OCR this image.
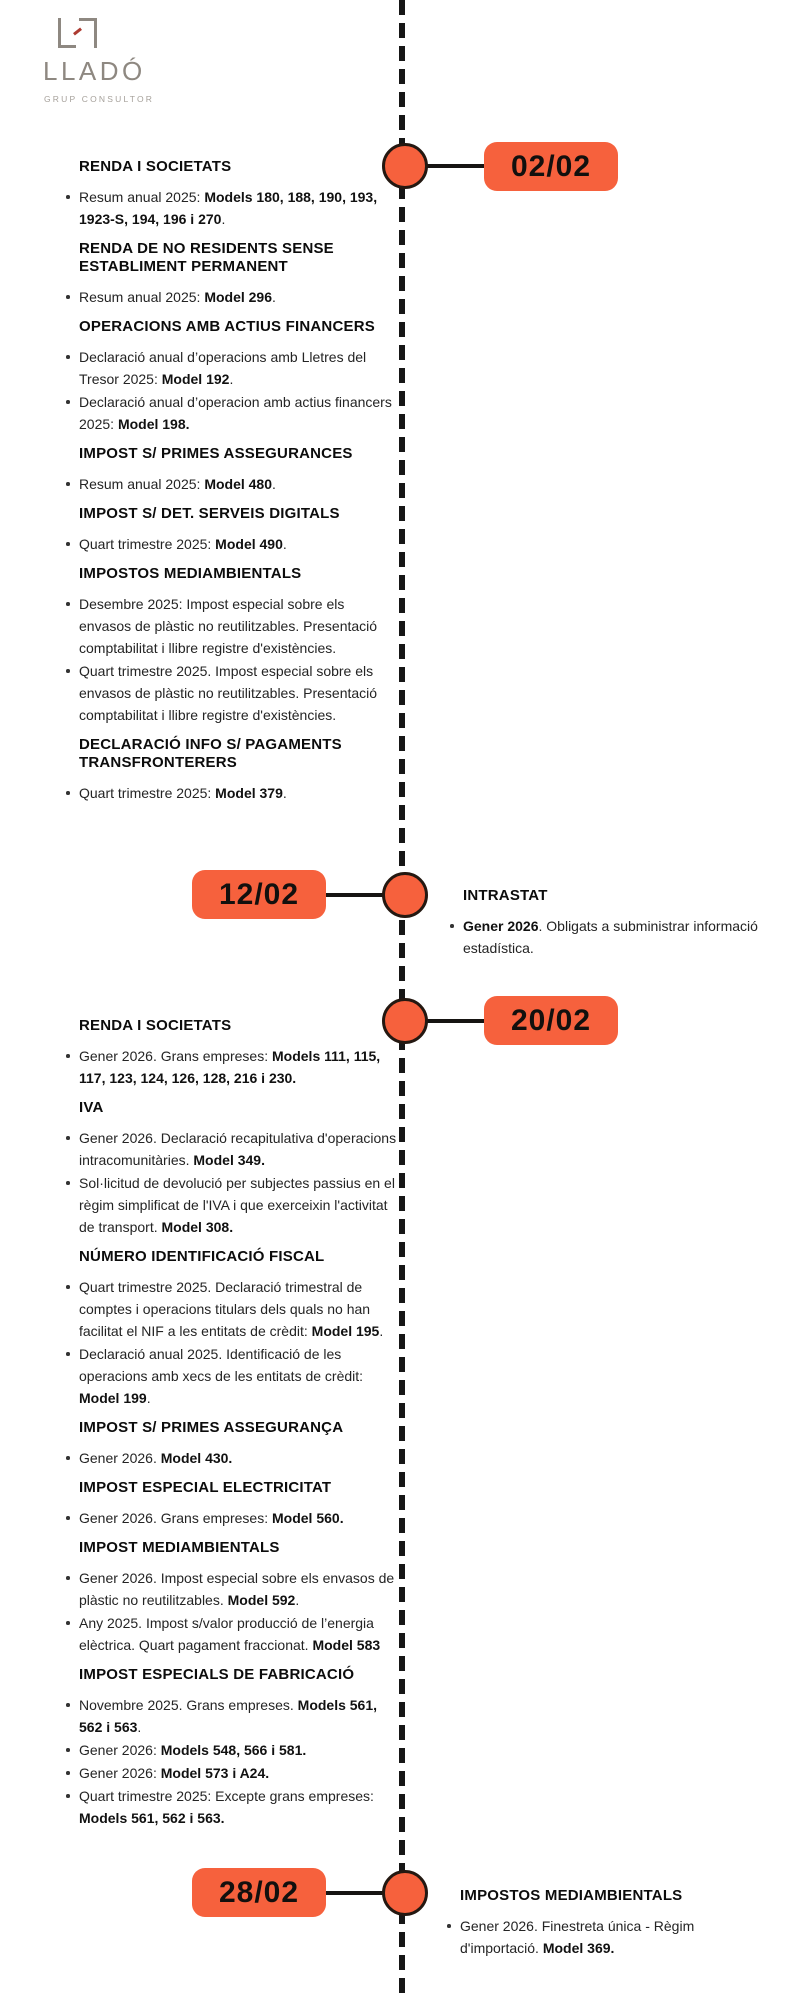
LLADÓ
GRUP CONSULTOR
02/02
RENDA I SOCIETATS
Resum anual 2025: Models 180, 188, 190, 193, 1923-S, 194, 196 i 270.
RENDA DE NO RESIDENTS SENSE ESTABLIMENT PERMANENT
Resum anual 2025: Model 296.
OPERACIONS AMB ACTIUS FINANCERS
Declaració anual d’operacions amb Lletres del Tresor 2025: Model 192.
Declaració anual d’operacion amb actius financers 2025: Model 198.
IMPOST S/ PRIMES ASSEGURANCES
Resum anual 2025: Model 480.
IMPOST S/ DET. SERVEIS DIGITALS
Quart trimestre 2025: Model 490.
IMPOSTOS MEDIAMBIENTALS
Desembre 2025: Impost especial sobre els envasos de plàstic no reutilitzables. Presentació comptabilitat i llibre registre d'existències.
Quart trimestre 2025. Impost especial sobre els envasos de plàstic no reutilitzables. Presentació comptabilitat i llibre registre d'existències.
DECLARACIÓ INFO S/ PAGAMENTS TRANSFRONTERERS
Quart trimestre 2025: Model 379.
12/02	INTRASTAT
Gener 2026. Obligats a subministrar informació estadística.
20/02
RENDA I SOCIETATS
Gener 2026. Grans empreses: Models 111, 115, 117, 123, 124, 126, 128, 216 i 230.
IVA
Gener 2026. Declaració recapitulativa d'operacions intracomunitàries. Model 349.
Sol·licitud de devolució per subjectes passius en el règim simplificat de l'IVA i que exerceixin l'activitat de transport. Model 308.
NÚMERO IDENTIFICACIÓ FISCAL
Quart trimestre 2025. Declaració trimestral de comptes i operacions titulars dels quals no han facilitat el NIF a les entitats de crèdit: Model 195.
Declaració anual 2025. Identificació de les operacions amb xecs de les entitats de crèdit: Model 199.
IMPOST S/ PRIMES ASSEGURANÇA
Gener 2026. Model 430.
IMPOST ESPECIAL ELECTRICITAT
Gener 2026. Grans empreses: Model 560.
IMPOST MEDIAMBIENTALS
Gener 2026. Impost especial sobre els envasos de plàstic no reutilitzables. Model 592.
Any 2025. Impost s/valor producció de l’energia elèctrica. Quart pagament fraccionat. Model 583
IMPOST ESPECIALS DE FABRICACIÓ
Novembre 2025. Grans empreses. Models 561, 562 i 563.
Gener 2026: Models 548, 566 i 581.
Gener 2026: Model 573 i A24.
Quart trimestre 2025: Excepte grans empreses: Models 561, 562 i 563.
28/02	IMPOSTOS MEDIAMBIENTALS
Gener 2026. Finestreta única - Règim d'importació. Model 369.
